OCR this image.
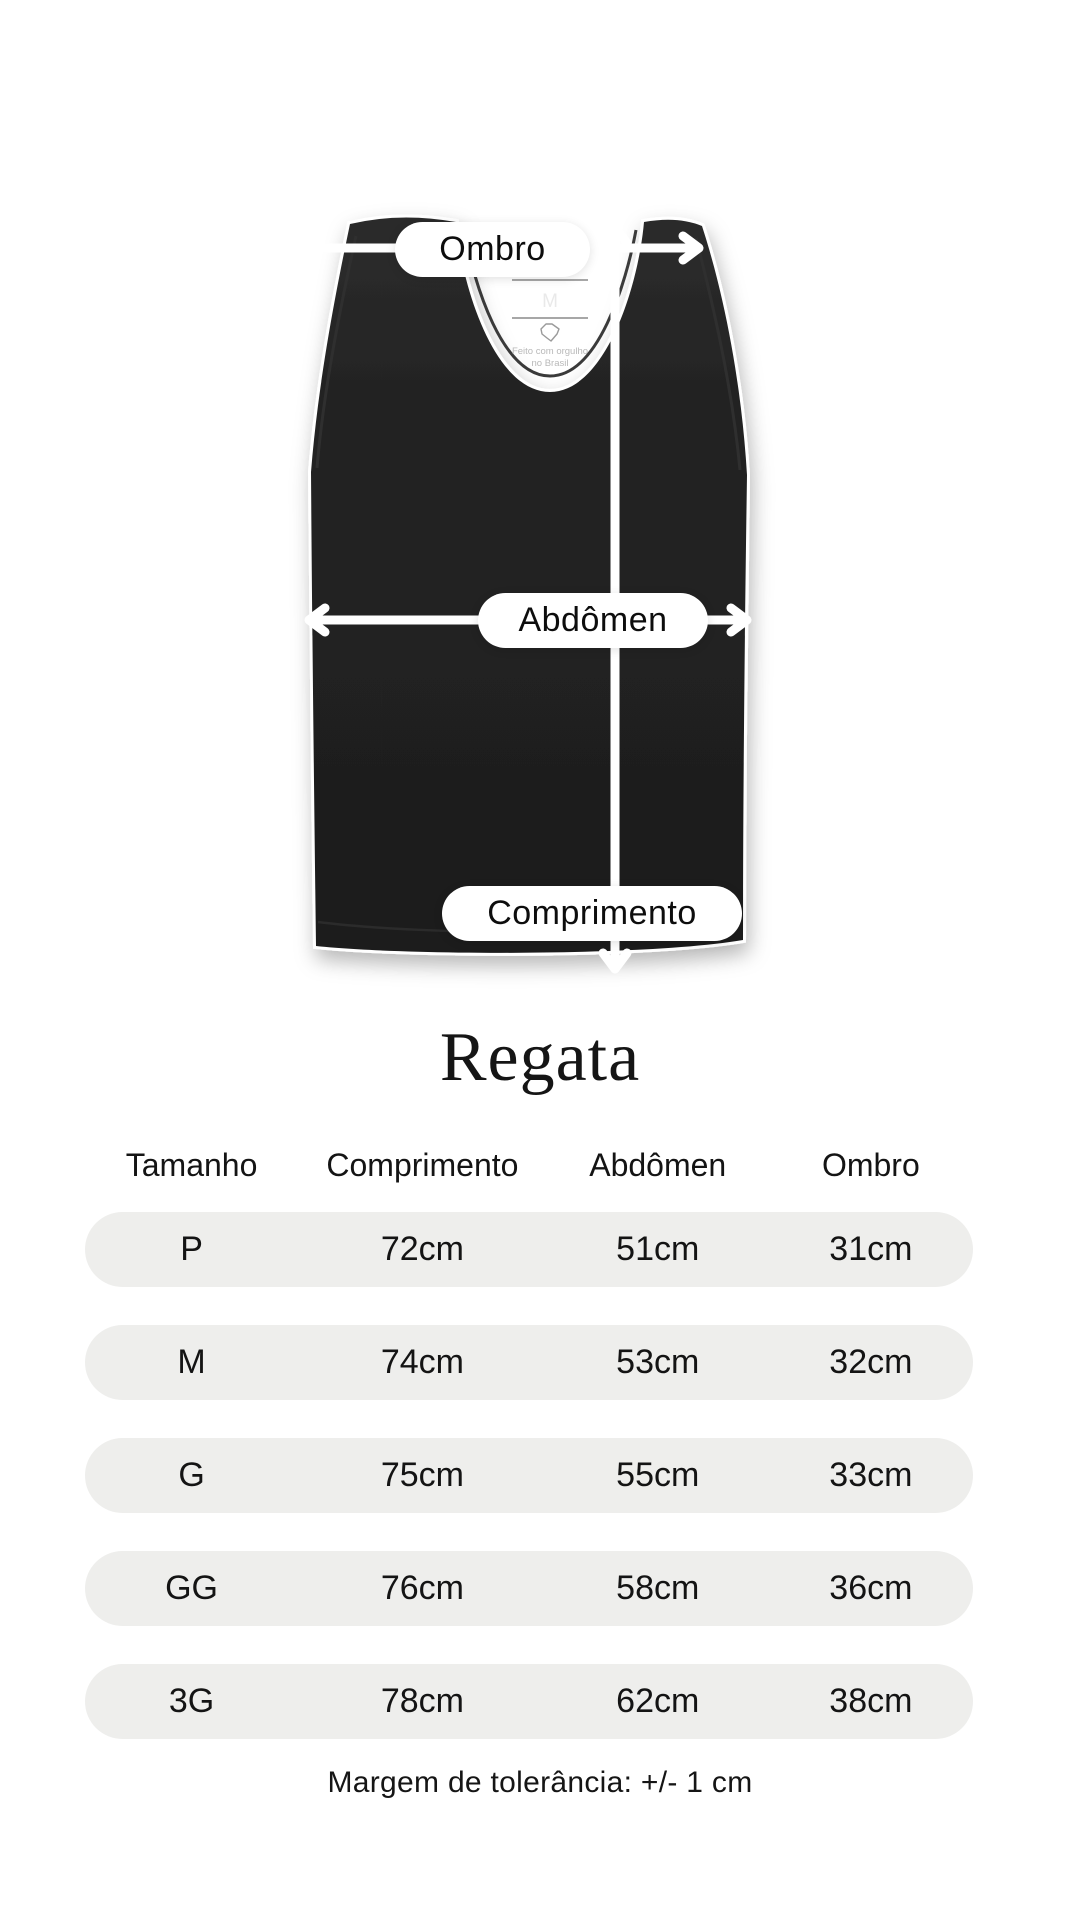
M
Feito com orgulho
no Brasil
Ombro
Abdômen
Comprimento
Regata
Tamanho	Comprimento	Abdômen	Ombro
P	72cm	51cm	31cm
M	74cm	53cm	32cm
G	75cm	55cm	33cm
GG	76cm	58cm	36cm
3G	78cm	62cm	38cm
Margem de tolerância: +/- 1 cm
